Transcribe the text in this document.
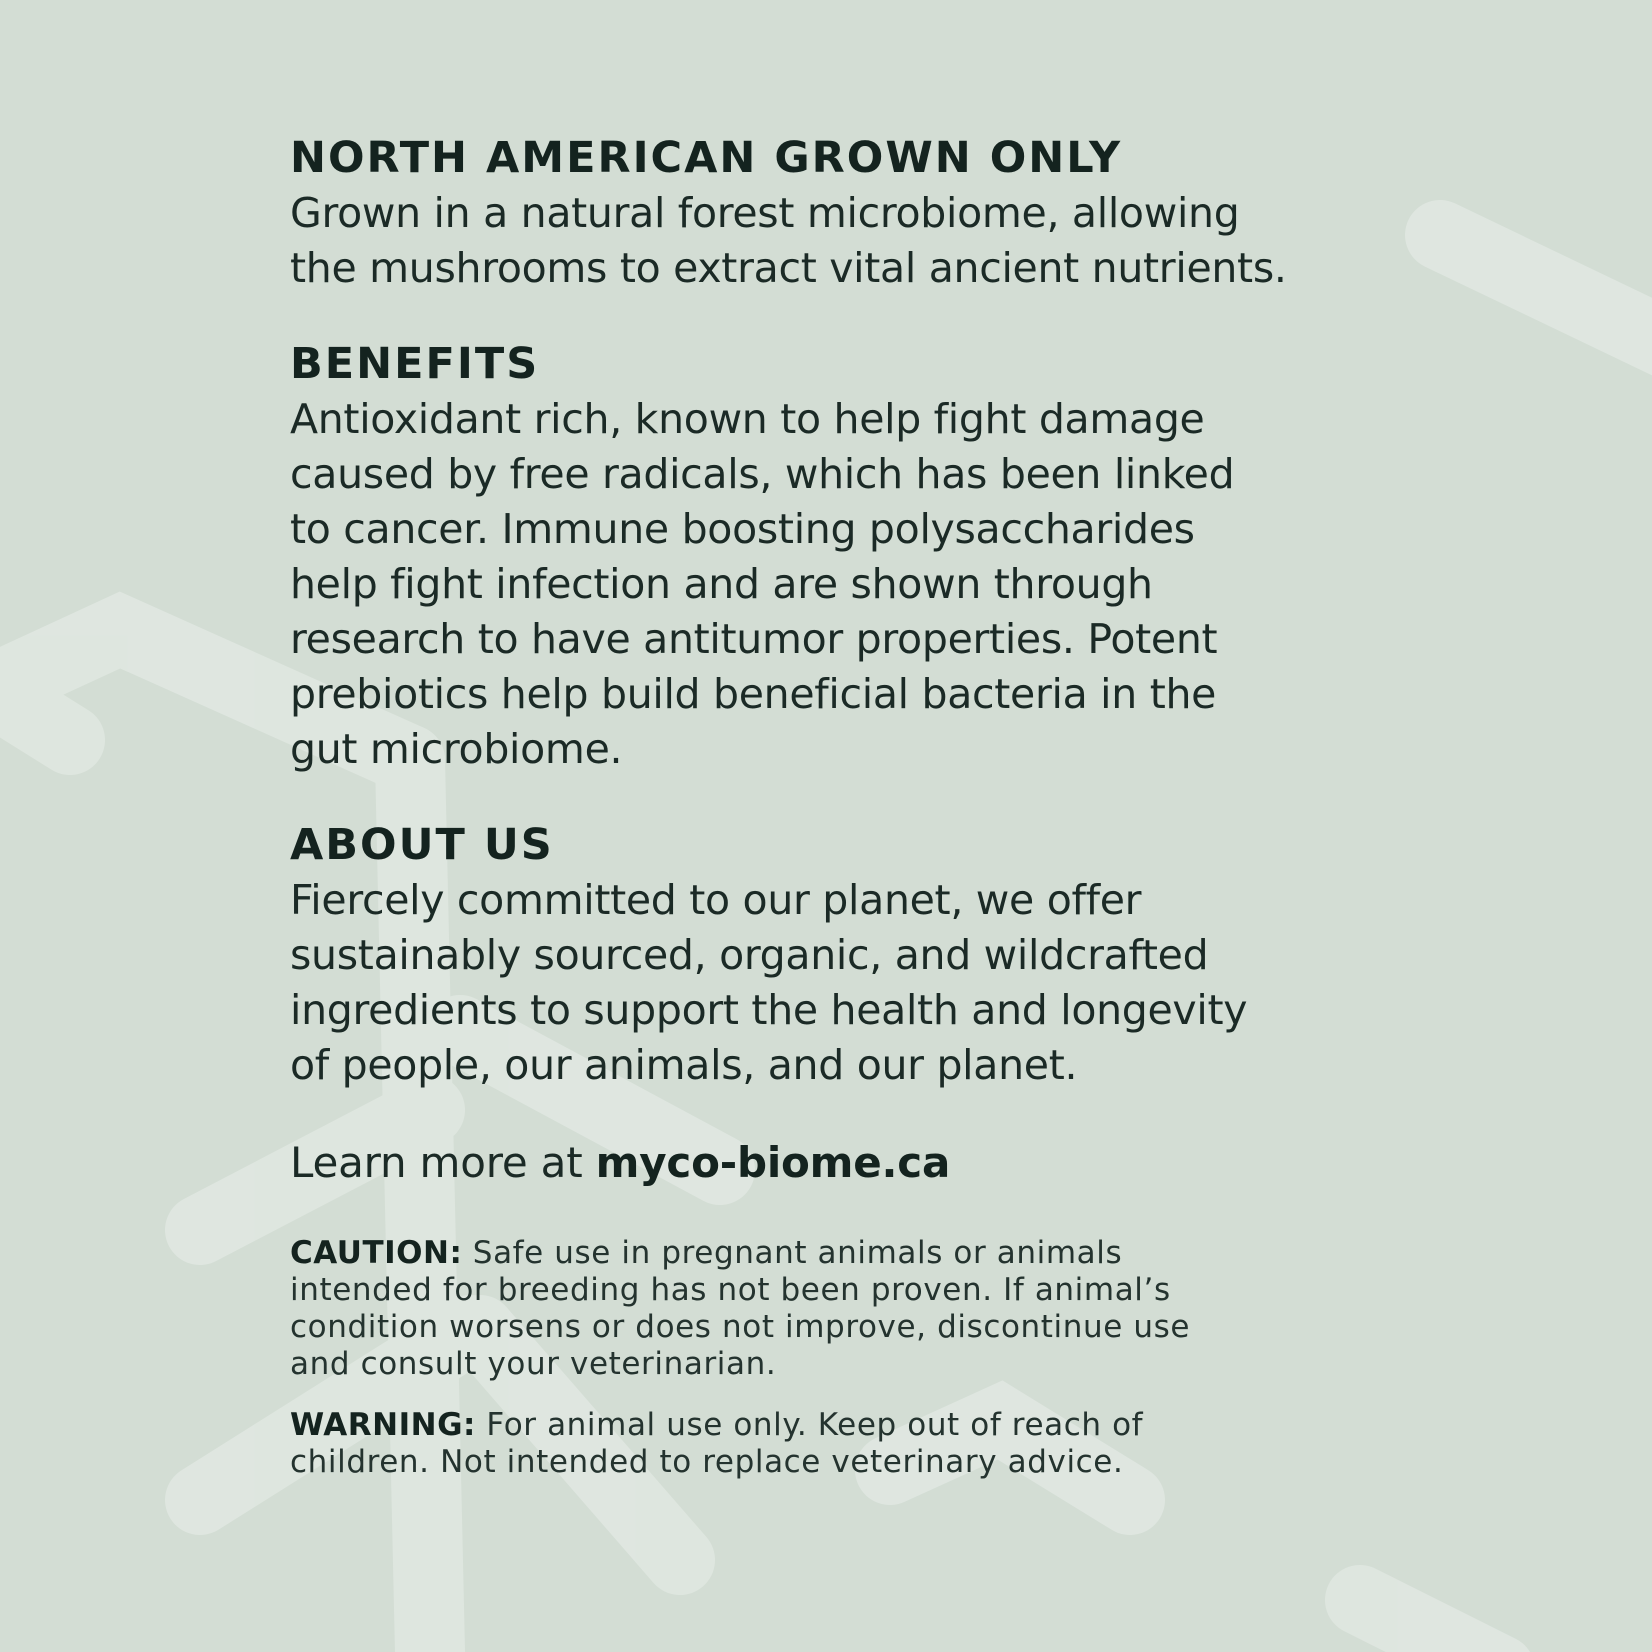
NORTH AMERICAN GROWN ONLY

Grown in a natural forest microbiome, allowing
the mushrooms to extract vital ancient nutrients.

BENEFITS

Antioxidant rich, known to help fight damage
caused by free radicals, which has been linked
to cancer. Immune boosting polysaccharides
help fight infection and are shown through
research to have antitumor properties. Potent
prebiotics help build beneficial bacteria in the
gut microbiome.

ABOUT US

Fiercely committed to our planet, we offer
sustainably sourced, organic, and wildcrafted
ingredients to support the health and longevity
of people, our animals, and our planet.

Learn more at myco-biome.ca

CAUTION: Safe use in pregnant animals or animals
intended for breeding has not been proven. If animal’s
condition worsens or does not improve, discontinue use
and consult your veterinarian.

WARNING: For animal use only. Keep out of reach of
children. Not intended to replace veterinary advice.
